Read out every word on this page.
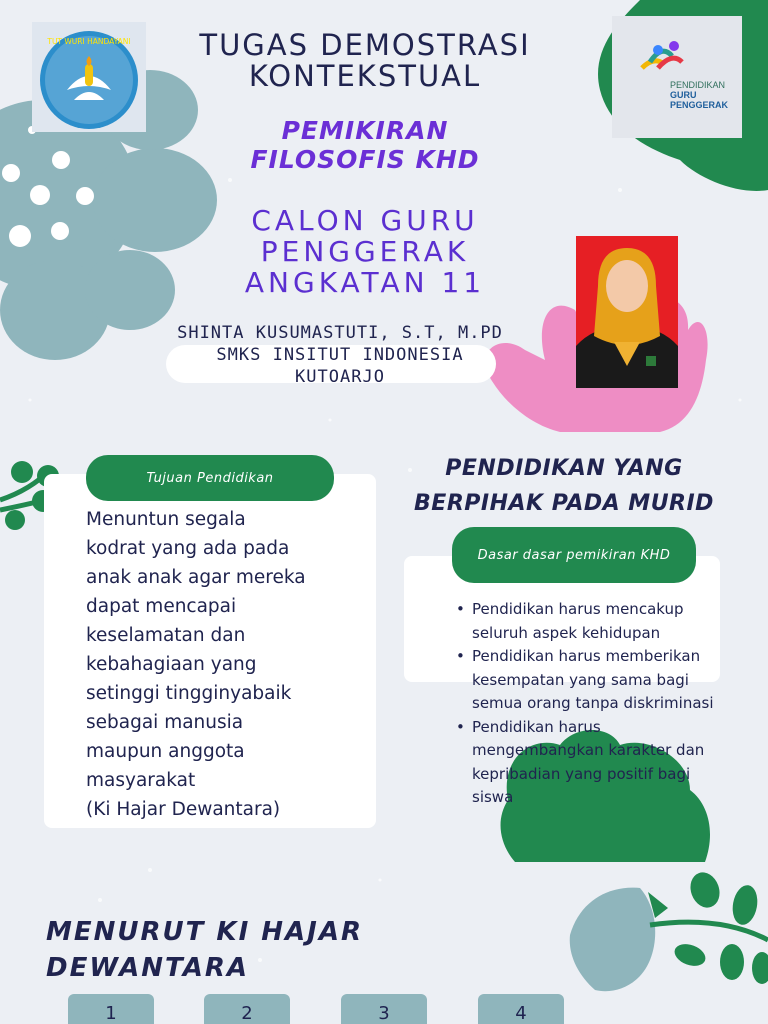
TUT WURI HANDAYANI
PENDIDIKAN
GURU
PENGGERAK
TUGAS DEMOSTRASI
KONTEKSTUAL
PEMIKIRAN
FILOSOFIS KHD
CALON GURU
PENGGERAK
ANGKATAN 11
SHINTA KUSUMASTUTI, S.T, M.PD
SMKS INSITUT INDONESIA
KUTOARJO
Tujuan Pendidikan
Menuntun segala
kodrat yang ada pada
anak anak agar mereka
dapat mencapai
keselamatan dan
kebahagiaan yang
setinggi tingginyabaik
sebagai manusia
maupun anggota
masyarakat
(Ki Hajar Dewantara)
PENDIDIKAN YANG
BERPIHAK PADA MURID
Dasar dasar pemikiran KHD
• Pendidikan harus mencakup seluruh aspek kehidupan
• Pendidikan harus memberikan kesempatan yang sama bagi semua orang tanpa diskriminasi
• Pendidikan harus mengembangkan karakter dan kepribadian yang positif bagi siswa
MENURUT KI HAJAR DEWANTARA
1	2	3	4
